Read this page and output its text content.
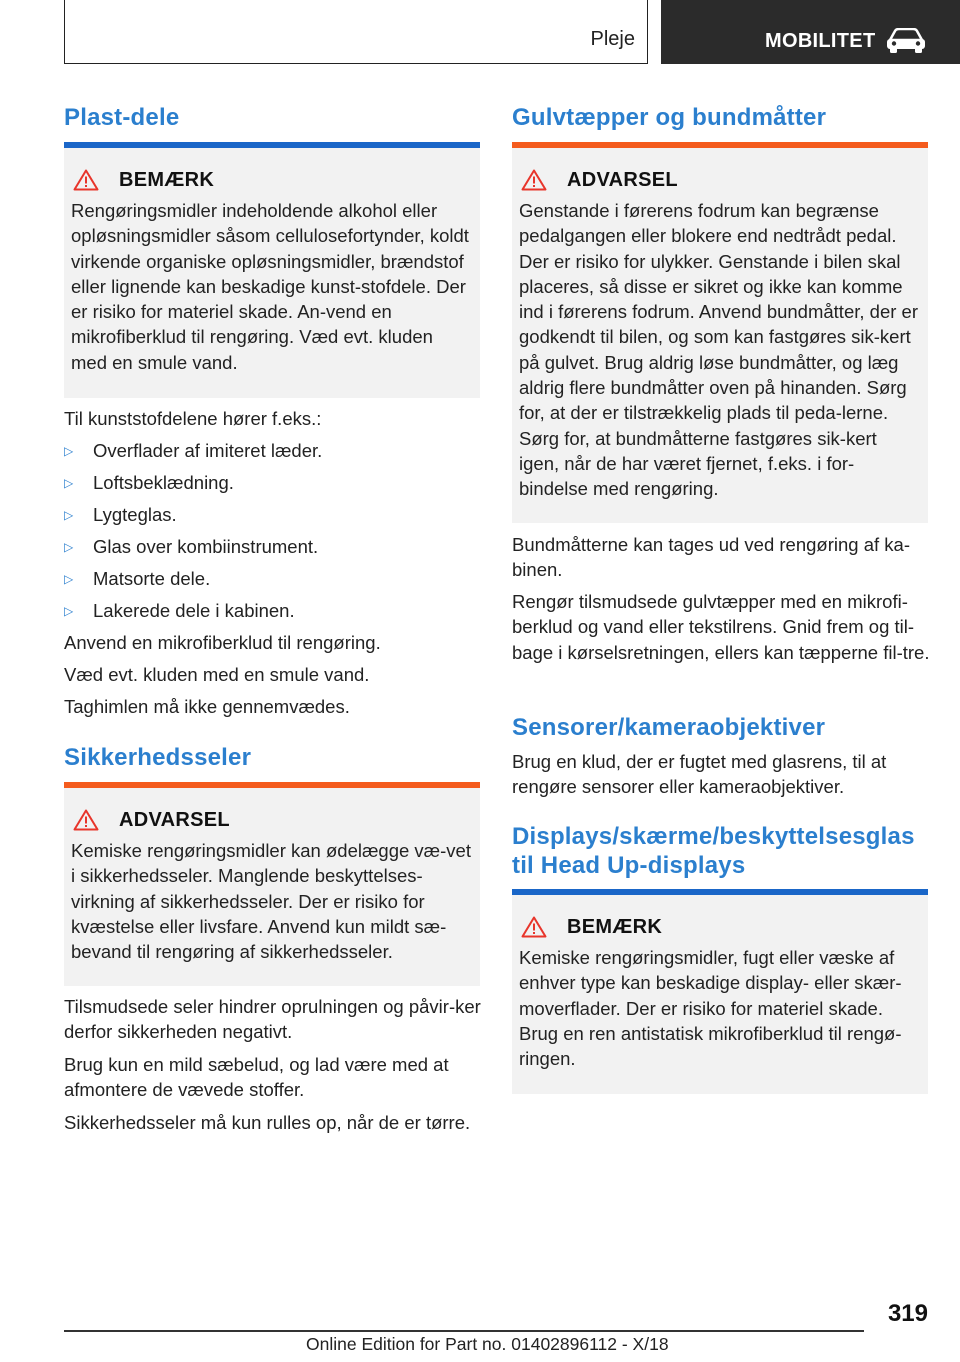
Pleje	MOBILITET
Plast-dele
BEMÆRK

Rengøringsmidler indeholdende alkohol eller opløsningsmidler såsom cellulosefortynder, koldt virkende organiske opløsningsmidler, brændstof eller lignende kan beskadige kunst‐stofdele. Der er risiko for materiel skade. An‐vend en mikrofiberklud til rengøring. Væd evt. kluden med en smule vand.

Til kunststofdelene hører f.eks.:

▷ Overflader af imiteret læder.
▷ Loftsbeklædning.
▷ Lygteglas.
▷ Glas over kombiinstrument.
▷ Matsorte dele.
▷ Lakerede dele i kabinen.

Anvend en mikrofiberklud til rengøring.

Væd evt. kluden med en smule vand.

Taghimlen må ikke gennemvædes.

Sikkerhedsseler
ADVARSEL

Kemiske rengøringsmidler kan ødelægge væ‐vet i sikkerhedsseler. Manglende beskyttelses‐virkning af sikkerhedsseler. Der er risiko for kvæstelse eller livsfare. Anvend kun mildt sæ‐bevand til rengøring af sikkerhedsseler.

Tilsmudsede seler hindrer oprulningen og påvir‐ker derfor sikkerheden negativt.

Brug kun en mild sæbelud, og lad være med at afmontere de vævede stoffer.

Sikkerhedsseler må kun rulles op, når de er tørre.

Gulvtæpper og bundmåtter
ADVARSEL

Genstande i førerens fodrum kan begrænse pedalgangen eller blokere end nedtrådt pedal. Der er risiko for ulykker. Genstande i bilen skal placeres, så disse er sikret og ikke kan komme ind i førerens fodrum. Anvend bundmåtter, der er godkendt til bilen, og som kan fastgøres sik‐kert på gulvet. Brug aldrig løse bundmåtter, og læg aldrig flere bundmåtter oven på hinanden. Sørg for, at der er tilstrækkelig plads til peda‐lerne. Sørg for, at bundmåtterne fastgøres sik‐kert igen, når de har været fjernet, f.eks. i for‐bindelse med rengøring.

Bundmåtterne kan tages ud ved rengøring af ka‐binen.

Rengør tilsmudsede gulvtæpper med en mikrofi‐berklud og vand eller tekstilrens. Gnid frem og til‐bage i kørselsretningen, ellers kan tæpperne fil‐tre.

Sensorer/kameraobjektiver

Brug en klud, der er fugtet med glasrens, til at rengøre sensorer eller kameraobjektiver.

Displays/skærme/beskyttelsesglas
til Head Up-displays
BEMÆRK

Kemiske rengøringsmidler, fugt eller væske af enhver type kan beskadige display- eller skær‐moverflader. Der er risiko for materiel skade. Brug en ren antistatisk mikrofiberklud til rengø‐ringen.

319
Online Edition for Part no. 01402896112 - X/18
